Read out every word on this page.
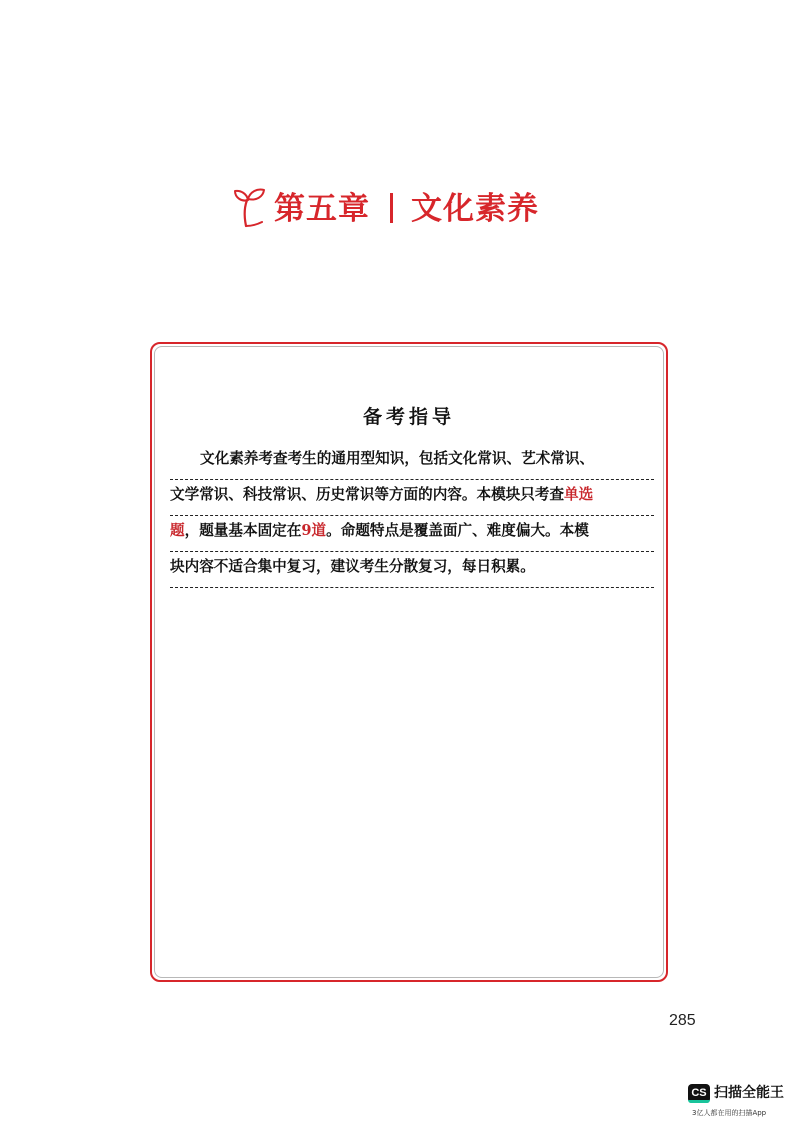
第五章 文化素养
备考指导
文化素养考查考生的通用型知识，包括文化常识、艺术常识、
文学常识、科技常识、历史常识等方面的内容。本模块只考查单选
题，题量基本固定在9道。命题特点是覆盖面广、难度偏大。本模
块内容不适合集中复习，建议考生分散复习，每日积累。
285
CS 扫描全能王
3亿人都在用的扫描App
